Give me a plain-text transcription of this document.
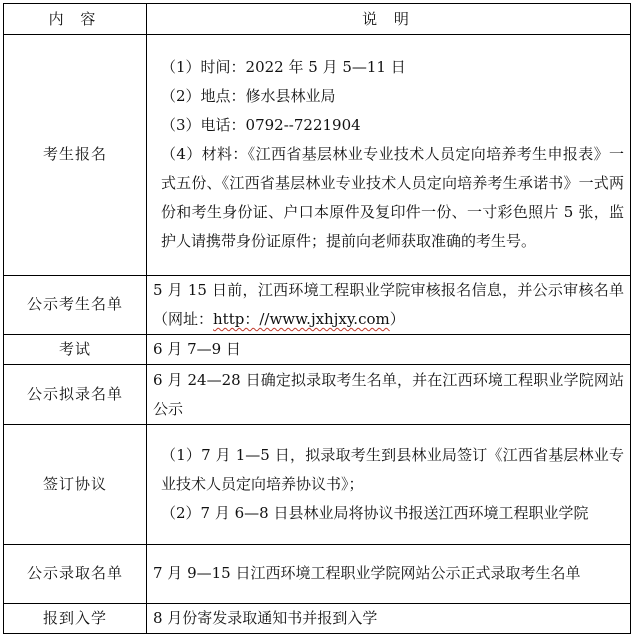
内 容	说 明
考生报名	（1）时间：2022 年 5 月 5—11 日
（2）地点：修水县林业局
（3）电话：0792--7221904
（4）材料：《江西省基层林业专业技术人员定向培养考生申报表》一式五份、《江西省基层林业专业技术人员定向培养考生承诺书》一式两份和考生身份证、户口本原件及复印件一份、一寸彩色照片 5 张，监护人请携带身份证原件；提前向老师获取准确的考生号。

公示考生名单	5 月 15 日前，江西环境工程职业学院审核报名信息，并公示审核名单（网址：http：//www.jxhjxy.com）
考试	6 月 7—9 日
公示拟录名单	6 月 24—28 日确定拟录取考生名单，并在江西环境工程职业学院网站公示
签订协议	（1）7 月 1—5 日，拟录取考生到县林业局签订《江西省基层林业专业技术人员定向培养协议书》；
（2）7 月 6—8 日县林业局将协议书报送江西环境工程职业学院

公示录取名单	7 月 9—15 日江西环境工程职业学院网站公示正式录取考生名单
报到入学	8 月份寄发录取通知书并报到入学
